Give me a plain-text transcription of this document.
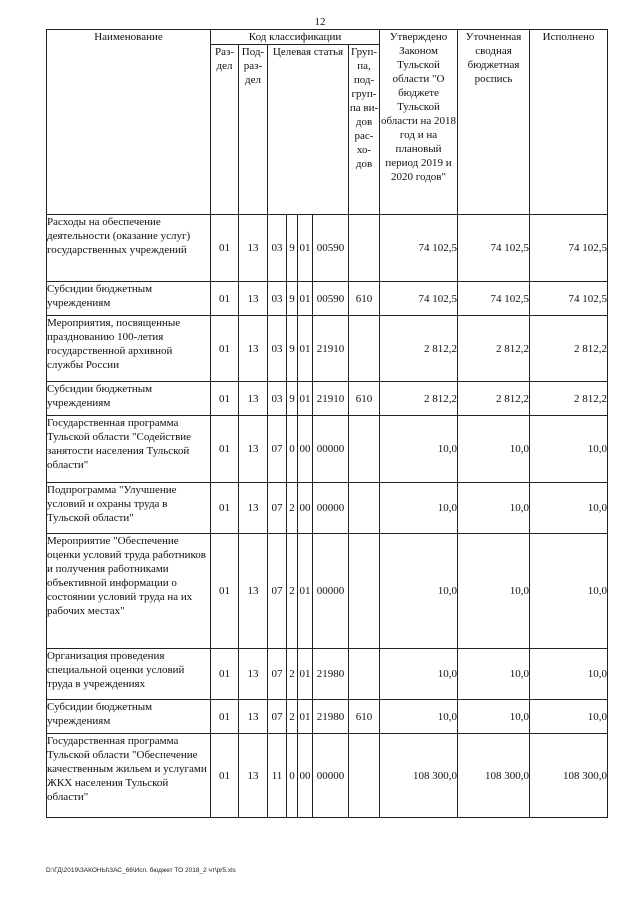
12
Наименование	Код классификации							Утверждено Законом Тульской области "О бюджете Тульской области на 2018 год и на плановый период 2019 и 2020 годов"	Уточненная сводная бюджетная роспись	Исполнено
	Раз-дел	Под-раз-дел	Целевая статья				Груп-па, под-груп-па ви-дов рас-хо-дов			
Расходы на обеспечение деятельности (оказание услуг) государственных учреждений	01	13	03	9	01	00590		74 102,5	74 102,5	74 102,5
Субсидии бюджетным учреждениям	01	13	03	9	01	00590	610	74 102,5	74 102,5	74 102,5
Мероприятия, посвященные празднованию 100-летия государственной архивной службы России	01	13	03	9	01	21910		2 812,2	2 812,2	2 812,2
Субсидии бюджетным учреждениям	01	13	03	9	01	21910	610	2 812,2	2 812,2	2 812,2
Государственная программа Тульской области "Содействие занятости населения Тульской области"	01	13	07	0	00	00000		10,0	10,0	10,0
Подпрограмма "Улучшение условий и охраны труда в Тульской области"	01	13	07	2	00	00000		10,0	10,0	10,0
Мероприятие "Обеспечение оценки условий труда работников и получения работниками объективной информации о состоянии условий труда на их рабочих местах"	01	13	07	2	01	00000		10,0	10,0	10,0
Организация проведения специальной оценки условий труда в учреждениях	01	13	07	2	01	21980		10,0	10,0	10,0
Субсидии бюджетным учреждениям	01	13	07	2	01	21980	610	10,0	10,0	10,0
Государственная программа Тульской области "Обеспечение качественным жильем и услугами ЖКХ населения Тульской области"	01	13	11	0	00	00000		108 300,0	108 300,0	108 300,0
D:\ГД\2019\ЗАКОНЫ\ЗАС_66\Исп. бюджет ТО 2018_2 чт\pr5.xls
